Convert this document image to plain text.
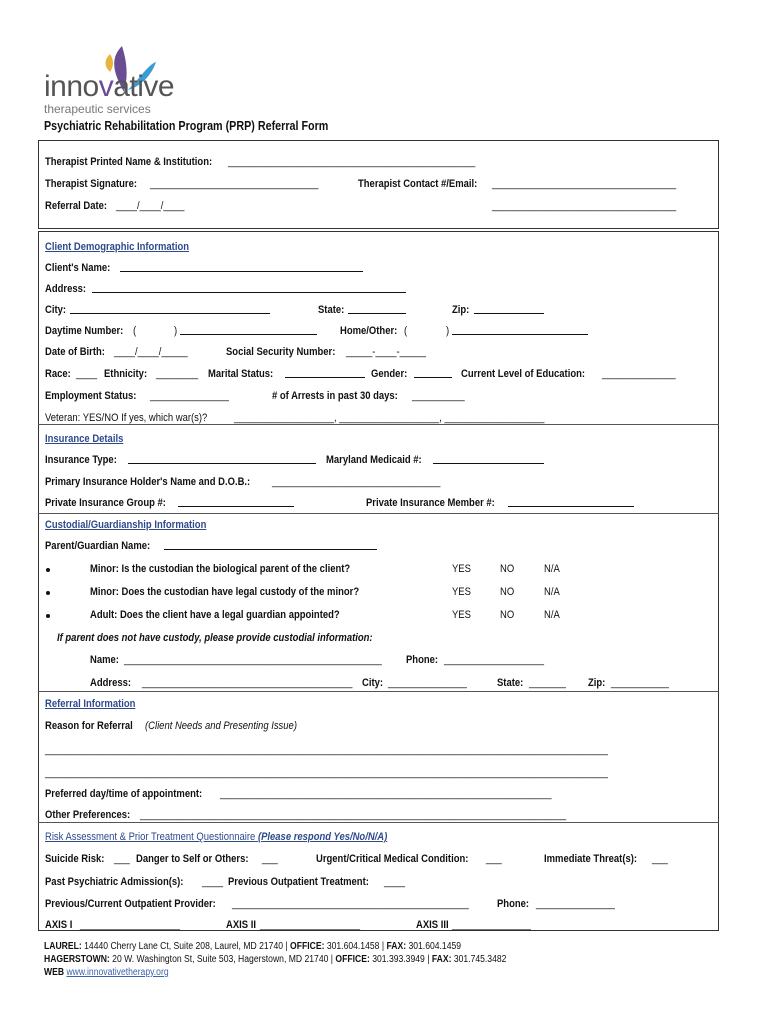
innovative
therapeutic services
Psychiatric Rehabilitation Program (PRP) Referral Form
Therapist Printed Name & Institution:	_______________________________________________
Therapist Signature:	________________________________	Therapist Contact #/Email:	___________________________________
Referral Date: ____/____/____	___________________________________
Client Demographic Information
Client's Name:
Address:
City:	State:	Zip:
Daytime Number: (	)	Home/Other: (	)
Date of Birth: ____/____/_____	Social Security Number: _____-____-_____
Race: ____ Ethnicity: ________ Marital Status:	Gender:	Current Level of Education:	______________
Employment Status:	_______________	# of Arrests in past 30 days:	__________
Veteran: YES/NO If yes, which war(s)?	___________________, ___________________, ___________________
Insurance Details
Insurance Type:	Maryland Medicaid #:
Primary Insurance Holder's Name and D.O.B.:	________________________________
Private Insurance Group #:	Private Insurance Member #:
Custodial/Guardianship Information
Parent/Guardian Name:
Minor: Is the custodian the biological parent of the client?	YES	NO	N/A
Minor: Does the custodian have legal custody of the minor?	YES	NO	N/A
Adult: Does the client have a legal guardian appointed?	YES	NO	N/A
If parent does not have custody, please provide custodial information:
Name: _________________________________________________	Phone: ___________________
Address: ________________________________________ City: _______________	State: _______	Zip: ___________
Referral Information
Reason for Referral	(Client Needs and Presenting Issue)
___________________________________________________________________________________________________________
___________________________________________________________________________________________________________
Preferred day/time of appointment:	_______________________________________________________________
Other Preferences: _________________________________________________________________________________
Risk Assessment & Prior Treatment Questionnaire (Please respond Yes/No/N/A)
Suicide Risk: ___ Danger to Self or Others:	___	Urgent/Critical Medical Condition:	___	Immediate Threat(s):	___
Past Psychiatric Admission(s):	____ Previous Outpatient Treatment:	____
Previous/Current Outpatient Provider:	_____________________________________________	Phone: _______________
AXIS I ___________________	AXIS II ___________________	AXIS III _______________
LAUREL: 14440 Cherry Lane Ct, Suite 208, Laurel, MD 21740 | OFFICE: 301.604.1458 | FAX: 301.604.1459
HAGERSTOWN: 20 W. Washington St, Suite 503, Hagerstown, MD 21740 | OFFICE: 301.393.3949 | FAX: 301.745.3482
WEB www.innovativetherapy.org
